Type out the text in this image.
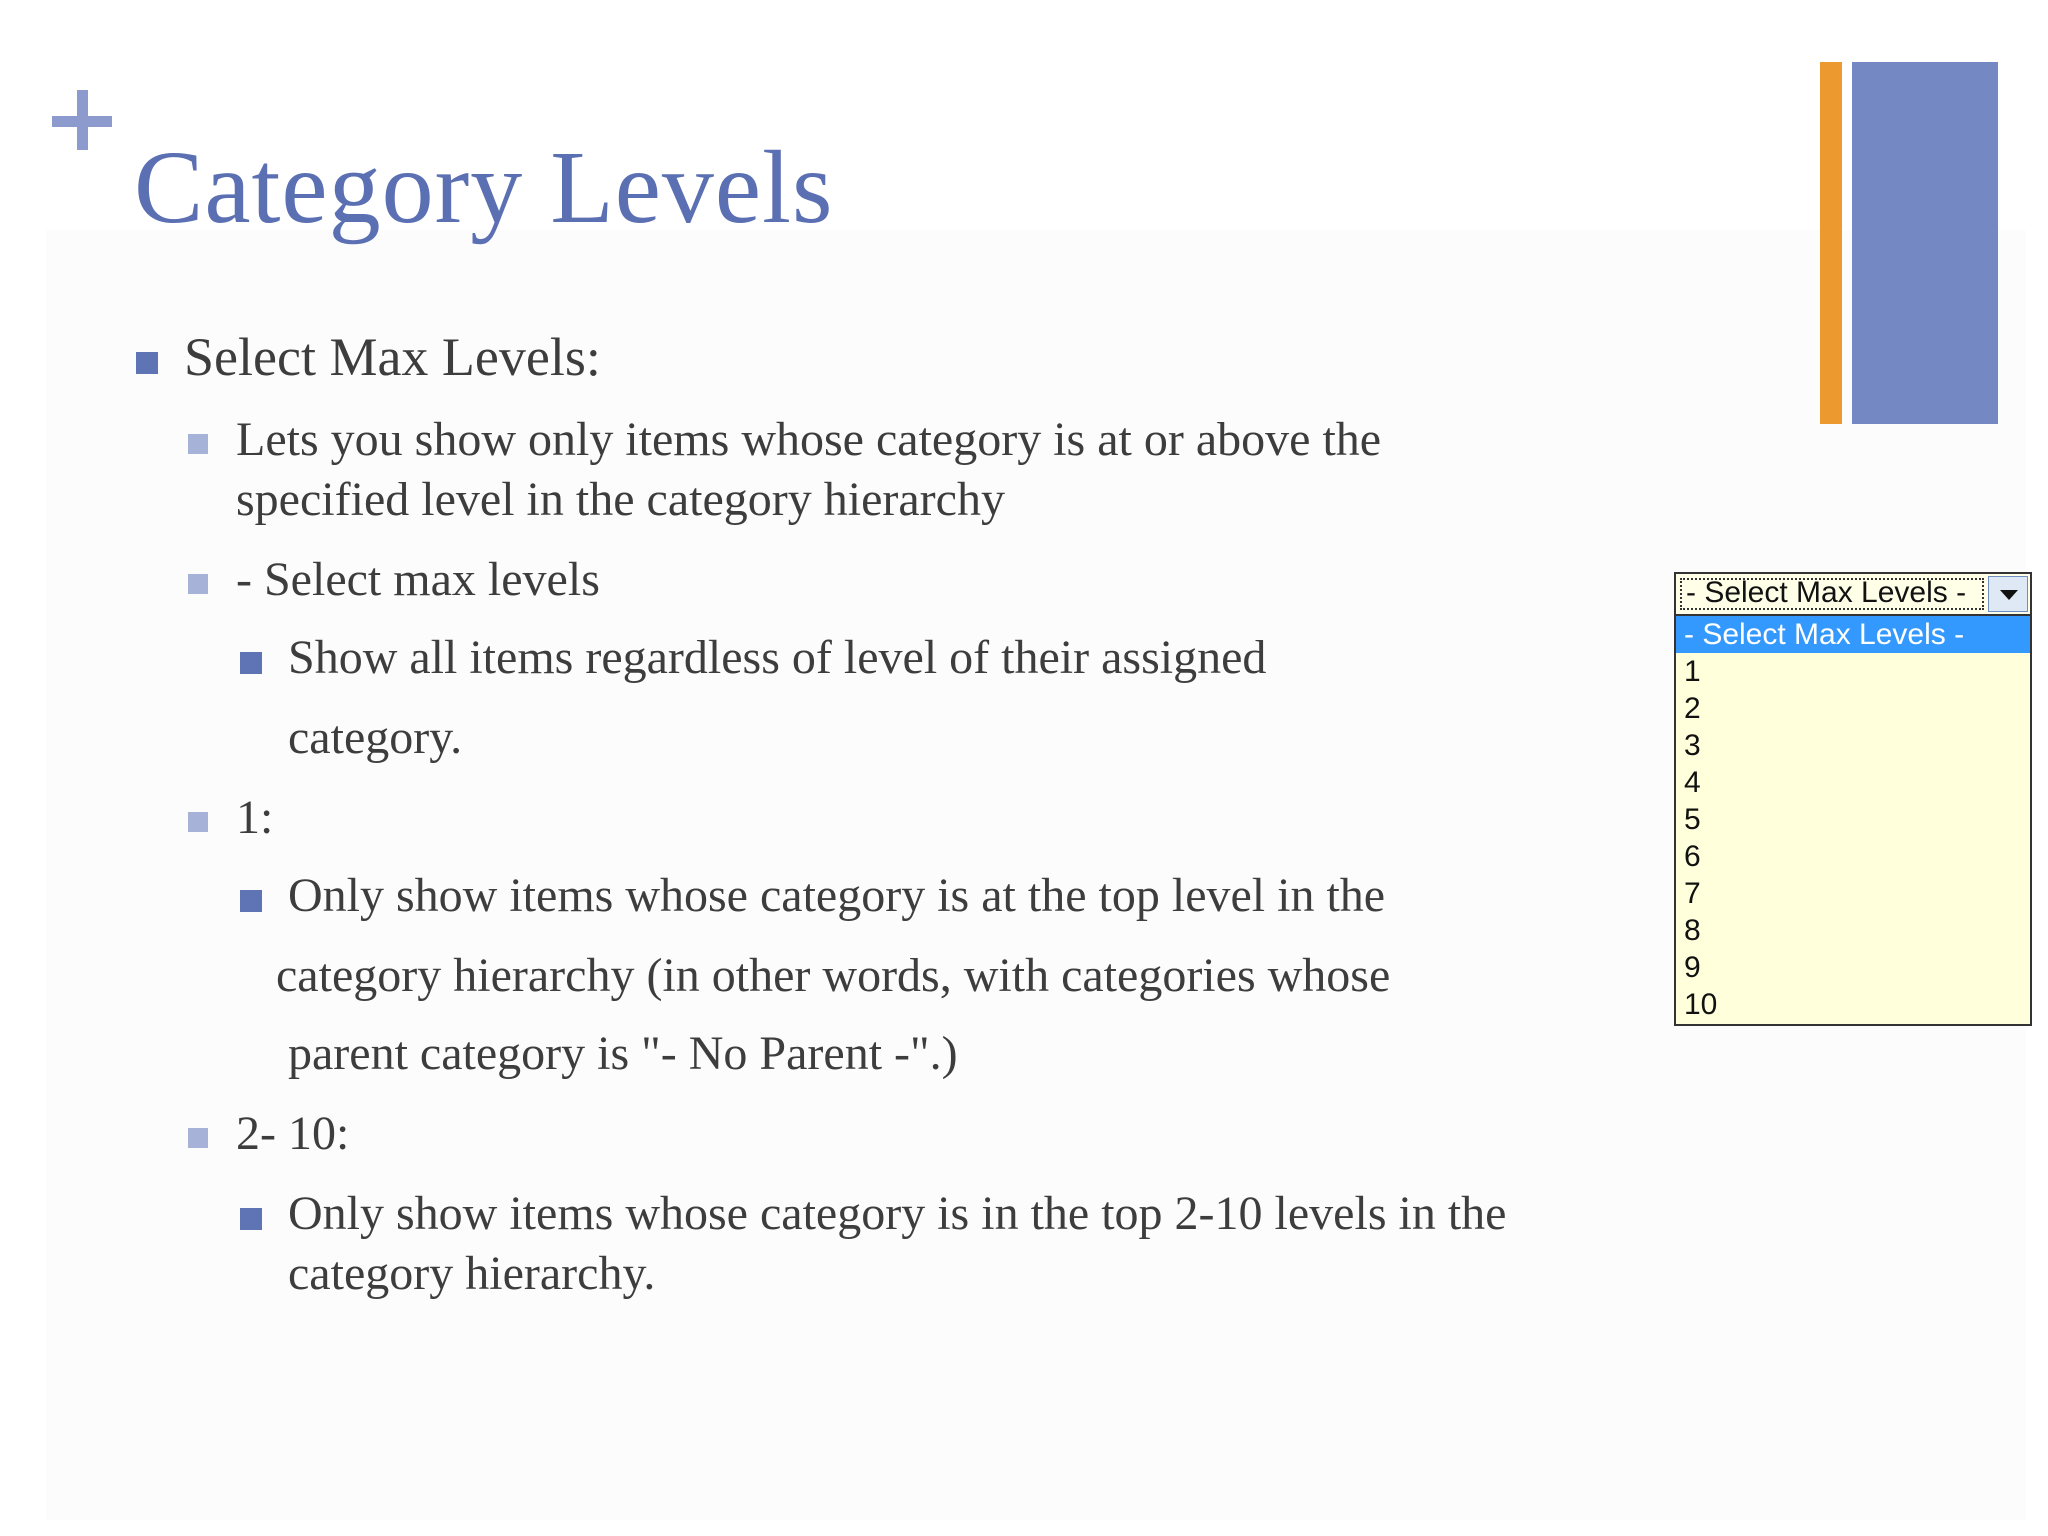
Category Levels
Select Max Levels:
Lets you show only items whose category is at or above the
specified level in the category hierarchy
- Select max levels
Show all items regardless of level of their assigned
category.
1:
Only show items whose category is at the top level in the
category hierarchy (in other words, with categories whose
parent category is "- No Parent -".)
2- 10:
Only show items whose category is in the top 2-10 levels in the
category hierarchy.
- Select Max Levels -
- Select Max Levels -
1
2
3
4
5
6
7
8
9
10
